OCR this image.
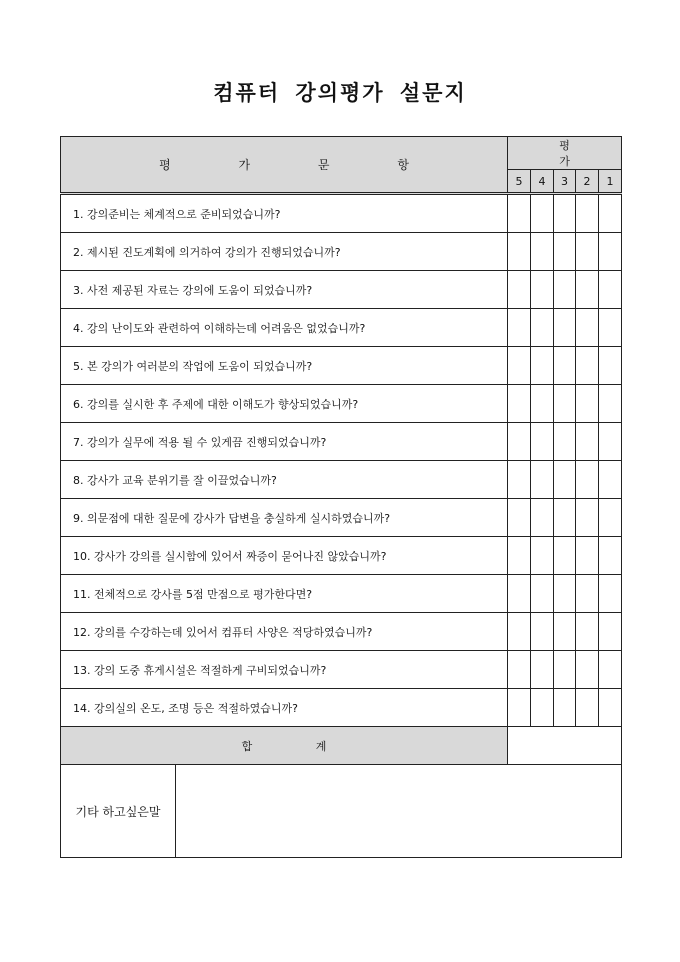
컴퓨터 강의평가 설문지
평 가 문 항		평 가				
		5	4	3	2	1
1. 강의준비는 체계적으로 준비되었습니까?						
2. 제시된 진도계획에 의거하여 강의가 진행되었습니까?						
3. 사전 제공된 자료는 강의에 도움이 되었습니까?						
4. 강의 난이도와 관련하여 이해하는데 어려움은 없었습니까?						
5. 본 강의가 여러분의 작업에 도움이 되었습니까?						
6. 강의를 실시한 후 주제에 대한 이해도가 향상되었습니까?						
7. 강의가 실무에 적용 될 수 있게끔 진행되었습니까?						
8. 강사가 교육 분위기를 잘 이끌었습니까?						
9. 의문점에 대한 질문에 강사가 답변을 충실하게 실시하였습니까?						
10. 강사가 강의를 실시함에 있어서 짜증이 묻어나진 않았습니까?						
11. 전체적으로 강사를 5점 만점으로 평가한다면?						
12. 강의를 수강하는데 있어서 컴퓨터 사양은 적당하였습니까?						
13. 강의 도중 휴게시설은 적절하게 구비되었습니까?						
14. 강의실의 온도, 조명 등은 적절하였습니까?						
합 계						
기타 하고싶은말						
